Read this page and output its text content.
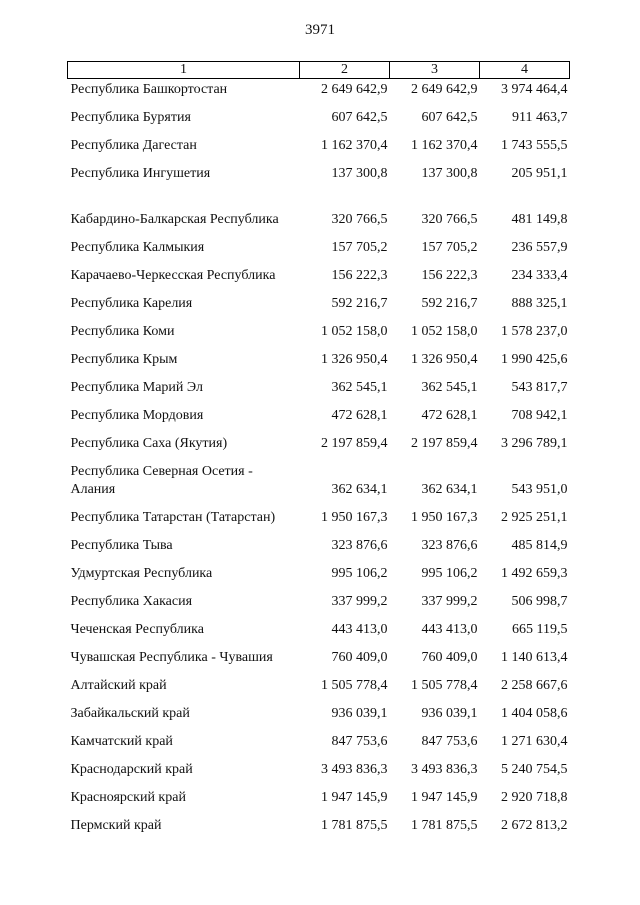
3971
1	2	3	4
Республика Башкортостан	2 649 642,9	2 649 642,9	3 974 464,4
Республика Бурятия	607 642,5	607 642,5	911 463,7
Республика Дагестан	1 162 370,4	1 162 370,4	1 743 555,5
Республика Ингушетия	137 300,8	137 300,8	205 951,1
Кабардино-Балкарская Республика	320 766,5	320 766,5	481 149,8
Республика Калмыкия	157 705,2	157 705,2	236 557,9
Карачаево-Черкесская Республика	156 222,3	156 222,3	234 333,4
Республика Карелия	592 216,7	592 216,7	888 325,1
Республика Коми	1 052 158,0	1 052 158,0	1 578 237,0
Республика Крым	1 326 950,4	1 326 950,4	1 990 425,6
Республика Марий Эл	362 545,1	362 545,1	543 817,7
Республика Мордовия	472 628,1	472 628,1	708 942,1
Республика Саха (Якутия)	2 197 859,4	2 197 859,4	3 296 789,1
Республика Северная Осетия - Алания	362 634,1	362 634,1	543 951,0
Республика Татарстан (Татарстан)	1 950 167,3	1 950 167,3	2 925 251,1
Республика Тыва	323 876,6	323 876,6	485 814,9
Удмуртская Республика	995 106,2	995 106,2	1 492 659,3
Республика Хакасия	337 999,2	337 999,2	506 998,7
Чеченская Республика	443 413,0	443 413,0	665 119,5
Чувашская Республика - Чувашия	760 409,0	760 409,0	1 140 613,4
Алтайский край	1 505 778,4	1 505 778,4	2 258 667,6
Забайкальский край	936 039,1	936 039,1	1 404 058,6
Камчатский край	847 753,6	847 753,6	1 271 630,4
Краснодарский край	3 493 836,3	3 493 836,3	5 240 754,5
Красноярский край	1 947 145,9	1 947 145,9	2 920 718,8
Пермский край	1 781 875,5	1 781 875,5	2 672 813,2
